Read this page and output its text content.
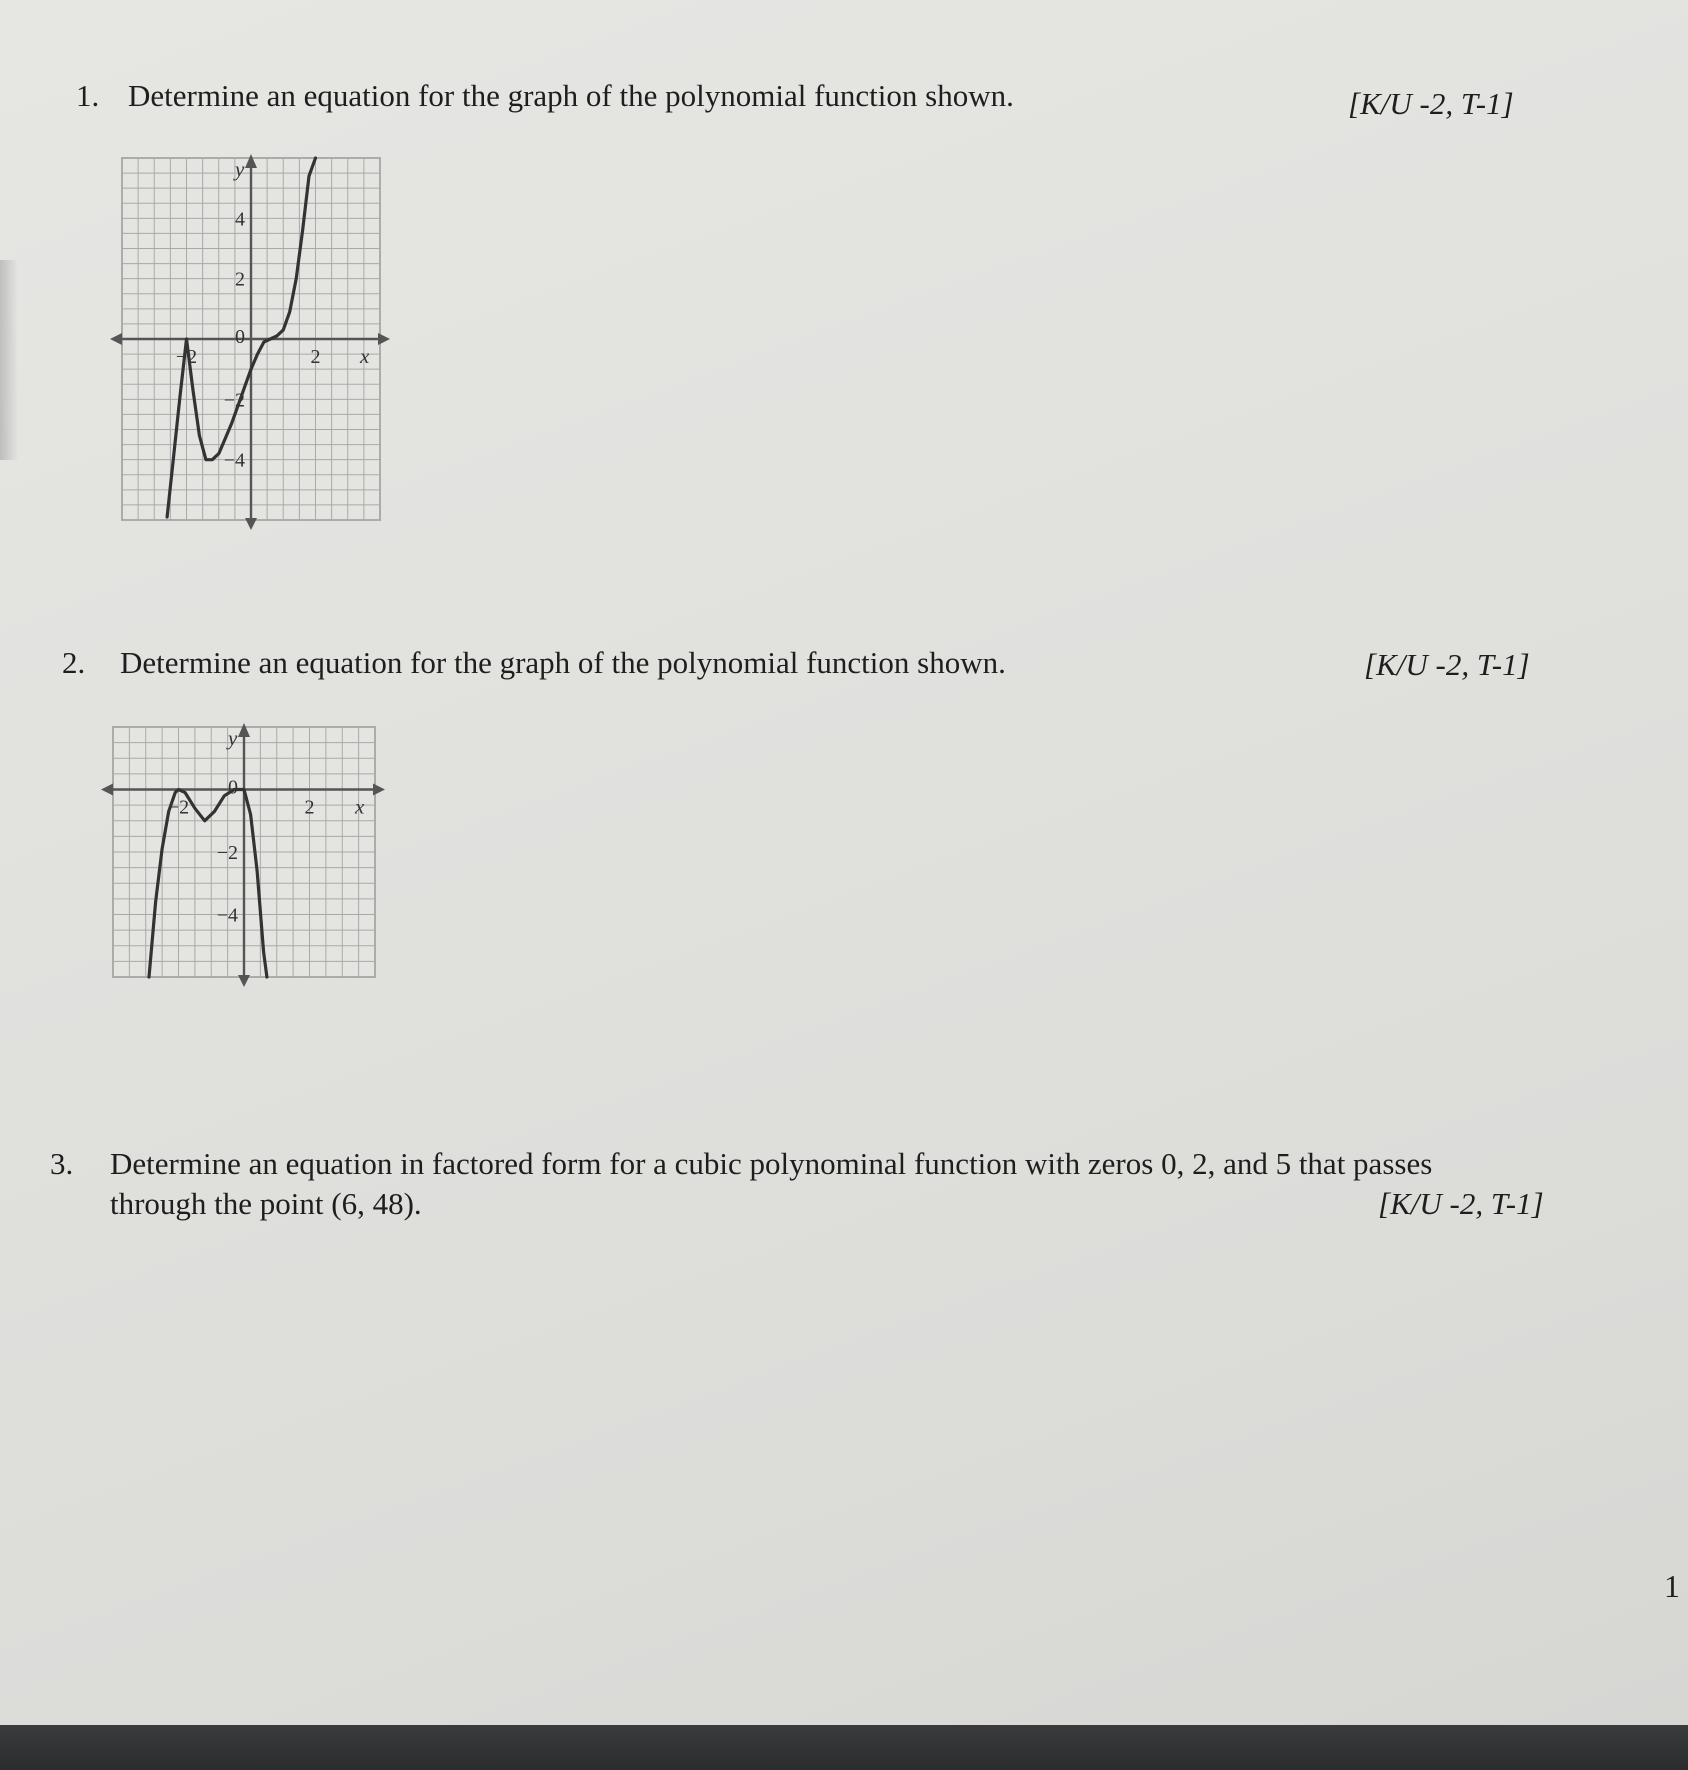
1. Determine an equation for the graph of the polynomial function shown.	[K/U -2, T-1]
y
x
4
2
0
−2
−4
−2	2
2. Determine an equation for the graph of the polynomial function shown.	[K/U -2, T-1]
y
x
0
−2
−4
−2	2
3. Determine an equation in factored form for a cubic polynominal function with zeros 0, 2, and 5 that passes
through the point (6, 48).	[K/U -2, T-1]
1
